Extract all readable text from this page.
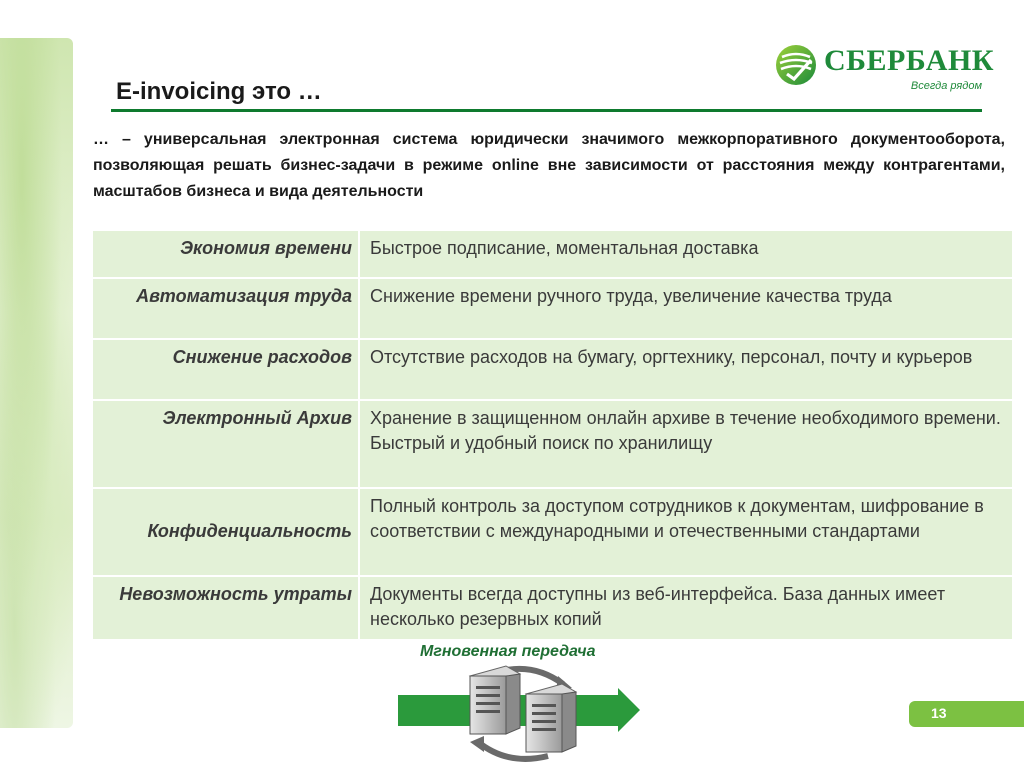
СБЕРБАНК
Всегда рядом
E-invoicing это …
… – универсальная электронная система юридически значимого межкорпоративного документооборота, позволяющая решать бизнес-задачи в режиме online вне зависимости от расстояния между контрагентами, масштабов бизнеса и вида деятельности
Экономия времени	Быстрое подписание, моментальная доставка
Автоматизация труда	Снижение времени ручного труда, увеличение качества труда
Снижение расходов	Отсутствие расходов на бумагу, оргтехнику, персонал, почту и курьеров
Электронный Архив	Хранение в защищенном онлайн архиве в течение необходимого времени. Быстрый и удобный поиск по хранилищу
Конфиденциальность	Полный контроль за доступом сотрудников к документам, шифрование в соответствии с международными и отечественными стандартами
Невозможность утраты	Документы всегда доступны из веб-интерфейса. База данных имеет несколько резервных копий
Мгновенная передача
13
